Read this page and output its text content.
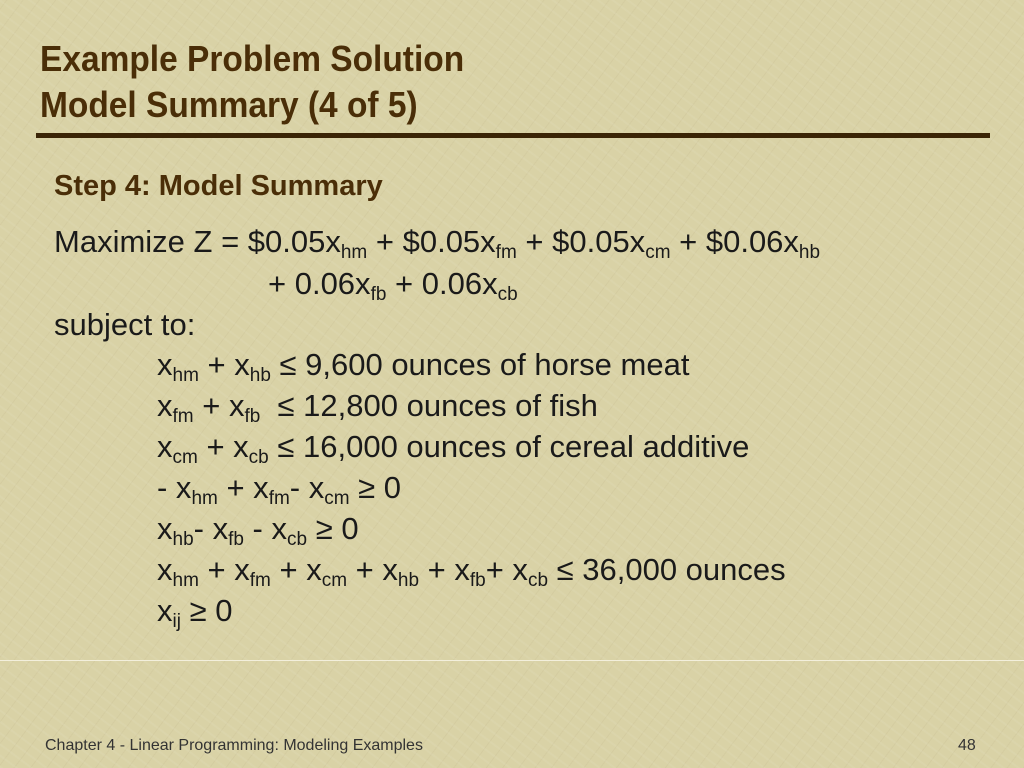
Example Problem Solution
Model Summary (4 of 5)
Step 4: Model Summary
Maximize $Z = \$0.05x_{hm}$ + $\$0.05x_{fm}$ + $\$0.05x_{cm}$ + $\$0.06x_{hb}$
+ $0.06x_{fb} + 0.06x_{cb}$
subject to:
$x_{hm} + x_{hb} \le 9,600$ ounces of horse meat
$x_{fm} + x_{fb} \le 12,800$ ounces of fish
$x_{cm} + x_{cb} \le 16,000$ ounces of cereal additive
- $x_{hm} + x_{fm}-$ $x_{cm} \ge 0$
$x_{hb}-$ $x_{fb} - x_{cb} \ge 0$
$x_{hm} + x_{fm} + x_{cm} + x_{hb} + x_{fb}+ x_{cb} \le 36,000$ ounces
$x_{ij} \ge 0$
Chapter 4 - Linear Programming: Modeling Examples	48
